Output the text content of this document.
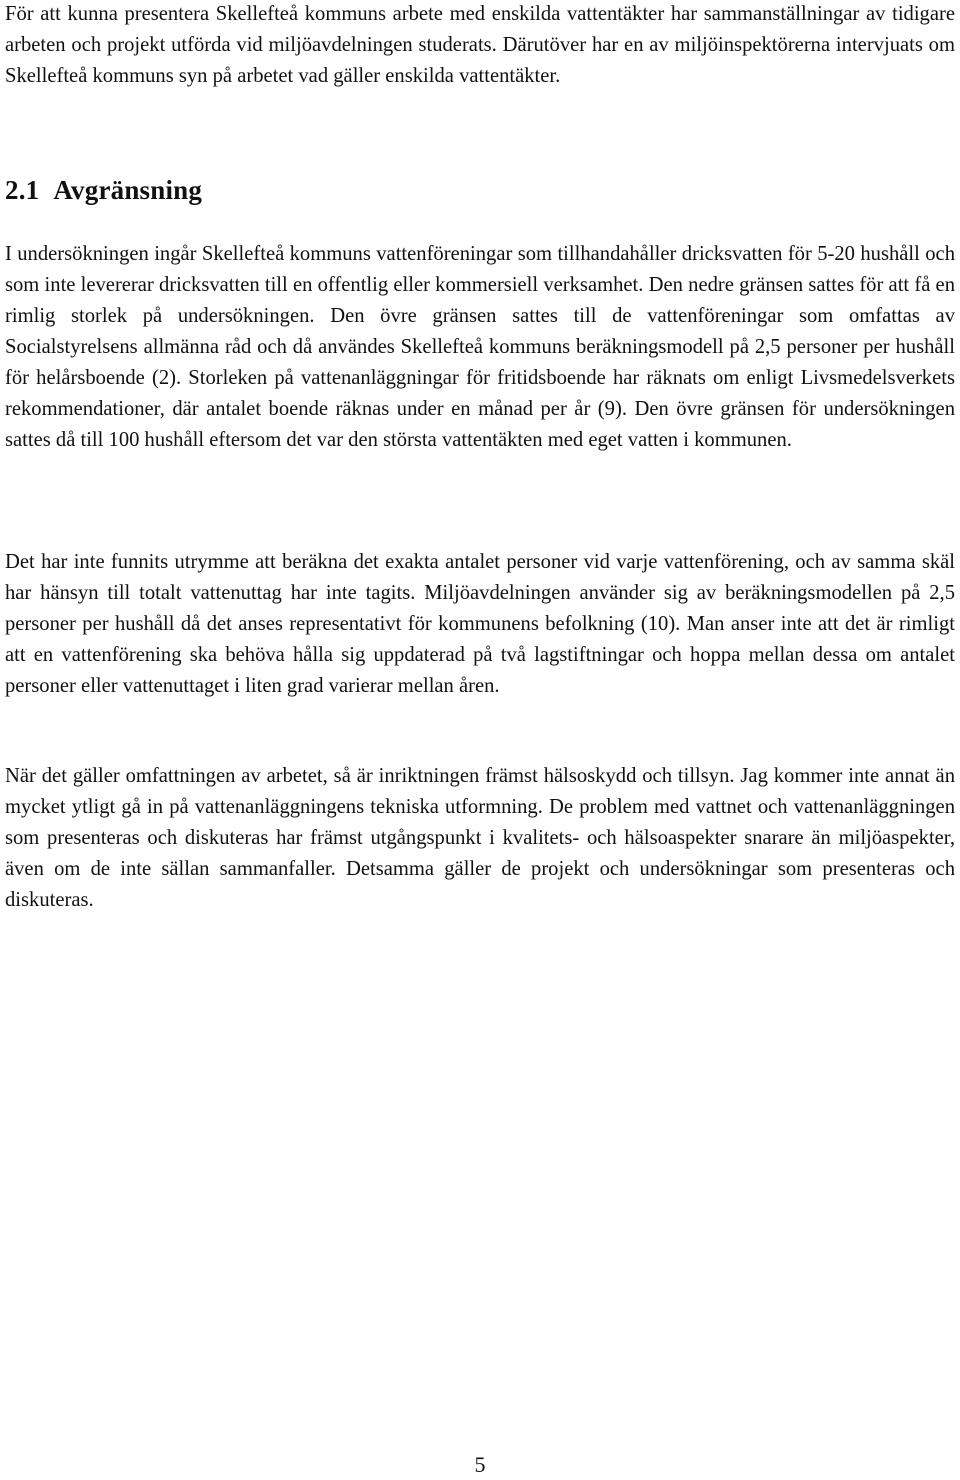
För att kunna presentera Skellefteå kommuns arbete med enskilda vattentäkter har sammanställningar av tidigare arbeten och projekt utförda vid miljöavdelningen studerats. Därutöver har en av miljöinspektörerna intervjuats om Skellefteå kommuns syn på arbetet vad gäller enskilda vattentäkter.

2.1 Avgränsning

I undersökningen ingår Skellefteå kommuns vattenföreningar som tillhandahåller dricksvatten för 5-20 hushåll och som inte levererar dricksvatten till en offentlig eller kommersiell verksamhet. Den nedre gränsen sattes för att få en rimlig storlek på undersökningen. Den övre gränsen sattes till de vattenföreningar som omfattas av Socialstyrelsens allmänna råd och då användes Skellefteå kommuns beräkningsmodell på 2,5 personer per hushåll för helårsboende (2). Storleken på vattenanläggningar för fritidsboende har räknats om enligt Livsmedelsverkets rekommendationer, där antalet boende räknas under en månad per år (9). Den övre gränsen för undersökningen sattes då till 100 hushåll eftersom det var den största vattentäkten med eget vatten i kommunen.

Det har inte funnits utrymme att beräkna det exakta antalet personer vid varje vattenförening, och av samma skäl har hänsyn till totalt vattenuttag har inte tagits. Miljöavdelningen använder sig av beräkningsmodellen på 2,5 personer per hushåll då det anses representativt för kommunens befolkning (10). Man anser inte att det är rimligt att en vattenförening ska behöva hålla sig uppdaterad på två lagstiftningar och hoppa mellan dessa om antalet personer eller vattenuttaget i liten grad varierar mellan åren.

När det gäller omfattningen av arbetet, så är inriktningen främst hälsoskydd och tillsyn. Jag kommer inte annat än mycket ytligt gå in på vattenanläggningens tekniska utformning. De problem med vattnet och vattenanläggningen som presenteras och diskuteras har främst utgångspunkt i kvalitets- och hälsoaspekter snarare än miljöaspekter, även om de inte sällan sammanfaller. Detsamma gäller de projekt och undersökningar som presenteras och diskuteras.

5
